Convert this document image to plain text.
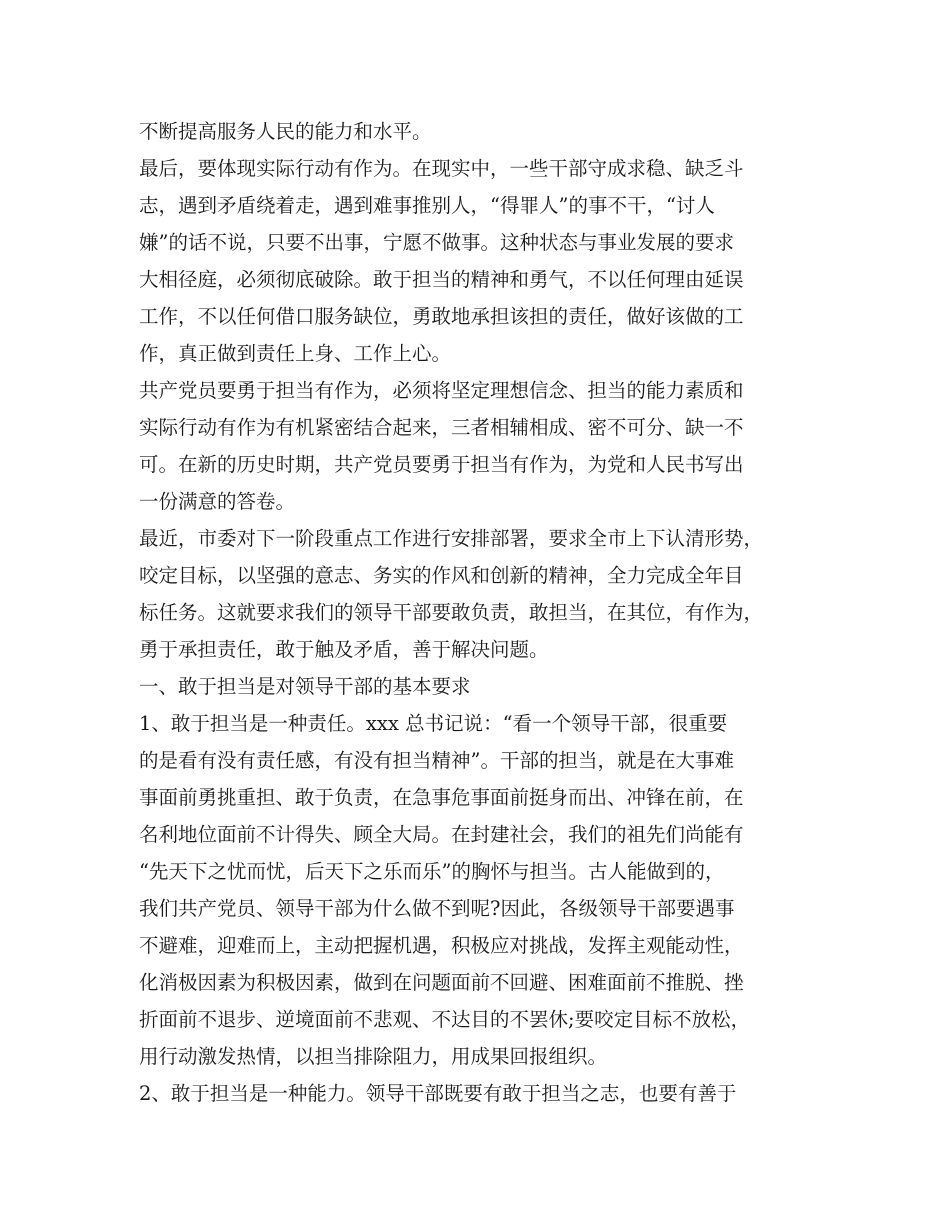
不断提高服务人民的能力和水平。
最后，要体现实际行动有作为。在现实中，一些干部守成求稳、缺乏斗
志，遇到矛盾绕着走，遇到难事推别人，“得罪人”的事不干，“讨人
嫌”的话不说，只要不出事，宁愿不做事。这种状态与事业发展的要求
大相径庭，必须彻底破除。敢于担当的精神和勇气，不以任何理由延误
工作，不以任何借口服务缺位，勇敢地承担该担的责任，做好该做的工
作，真正做到责任上身、工作上心。
共产党员要勇于担当有作为，必须将坚定理想信念、担当的能力素质和
实际行动有作为有机紧密结合起来，三者相辅相成、密不可分、缺一不
可。在新的历史时期，共产党员要勇于担当有作为，为党和人民书写出
一份满意的答卷。
最近，市委对下一阶段重点工作进行安排部署，要求全市上下认清形势，
咬定目标，以坚强的意志、务实的作风和创新的精神，全力完成全年目
标任务。这就要求我们的领导干部要敢负责，敢担当，在其位，有作为，
勇于承担责任，敢于触及矛盾，善于解决问题。
一、敢于担当是对领导干部的基本要求
1、敢于担当是一种责任。xxx 总书记说：“看一个领导干部，很重要
的是看有没有责任感，有没有担当精神”。干部的担当，就是在大事难
事面前勇挑重担、敢于负责，在急事危事面前挺身而出、冲锋在前，在
名利地位面前不计得失、顾全大局。在封建社会，我们的祖先们尚能有
“先天下之忧而忧，后天下之乐而乐”的胸怀与担当。古人能做到的，
我们共产党员、领导干部为什么做不到呢?因此，各级领导干部要遇事
不避难，迎难而上，主动把握机遇，积极应对挑战，发挥主观能动性，
化消极因素为积极因素，做到在问题面前不回避、困难面前不推脱、挫
折面前不退步、逆境面前不悲观、不达目的不罢休;要咬定目标不放松，
用行动激发热情，以担当排除阻力，用成果回报组织。
2、敢于担当是一种能力。领导干部既要有敢于担当之志，也要有善于
